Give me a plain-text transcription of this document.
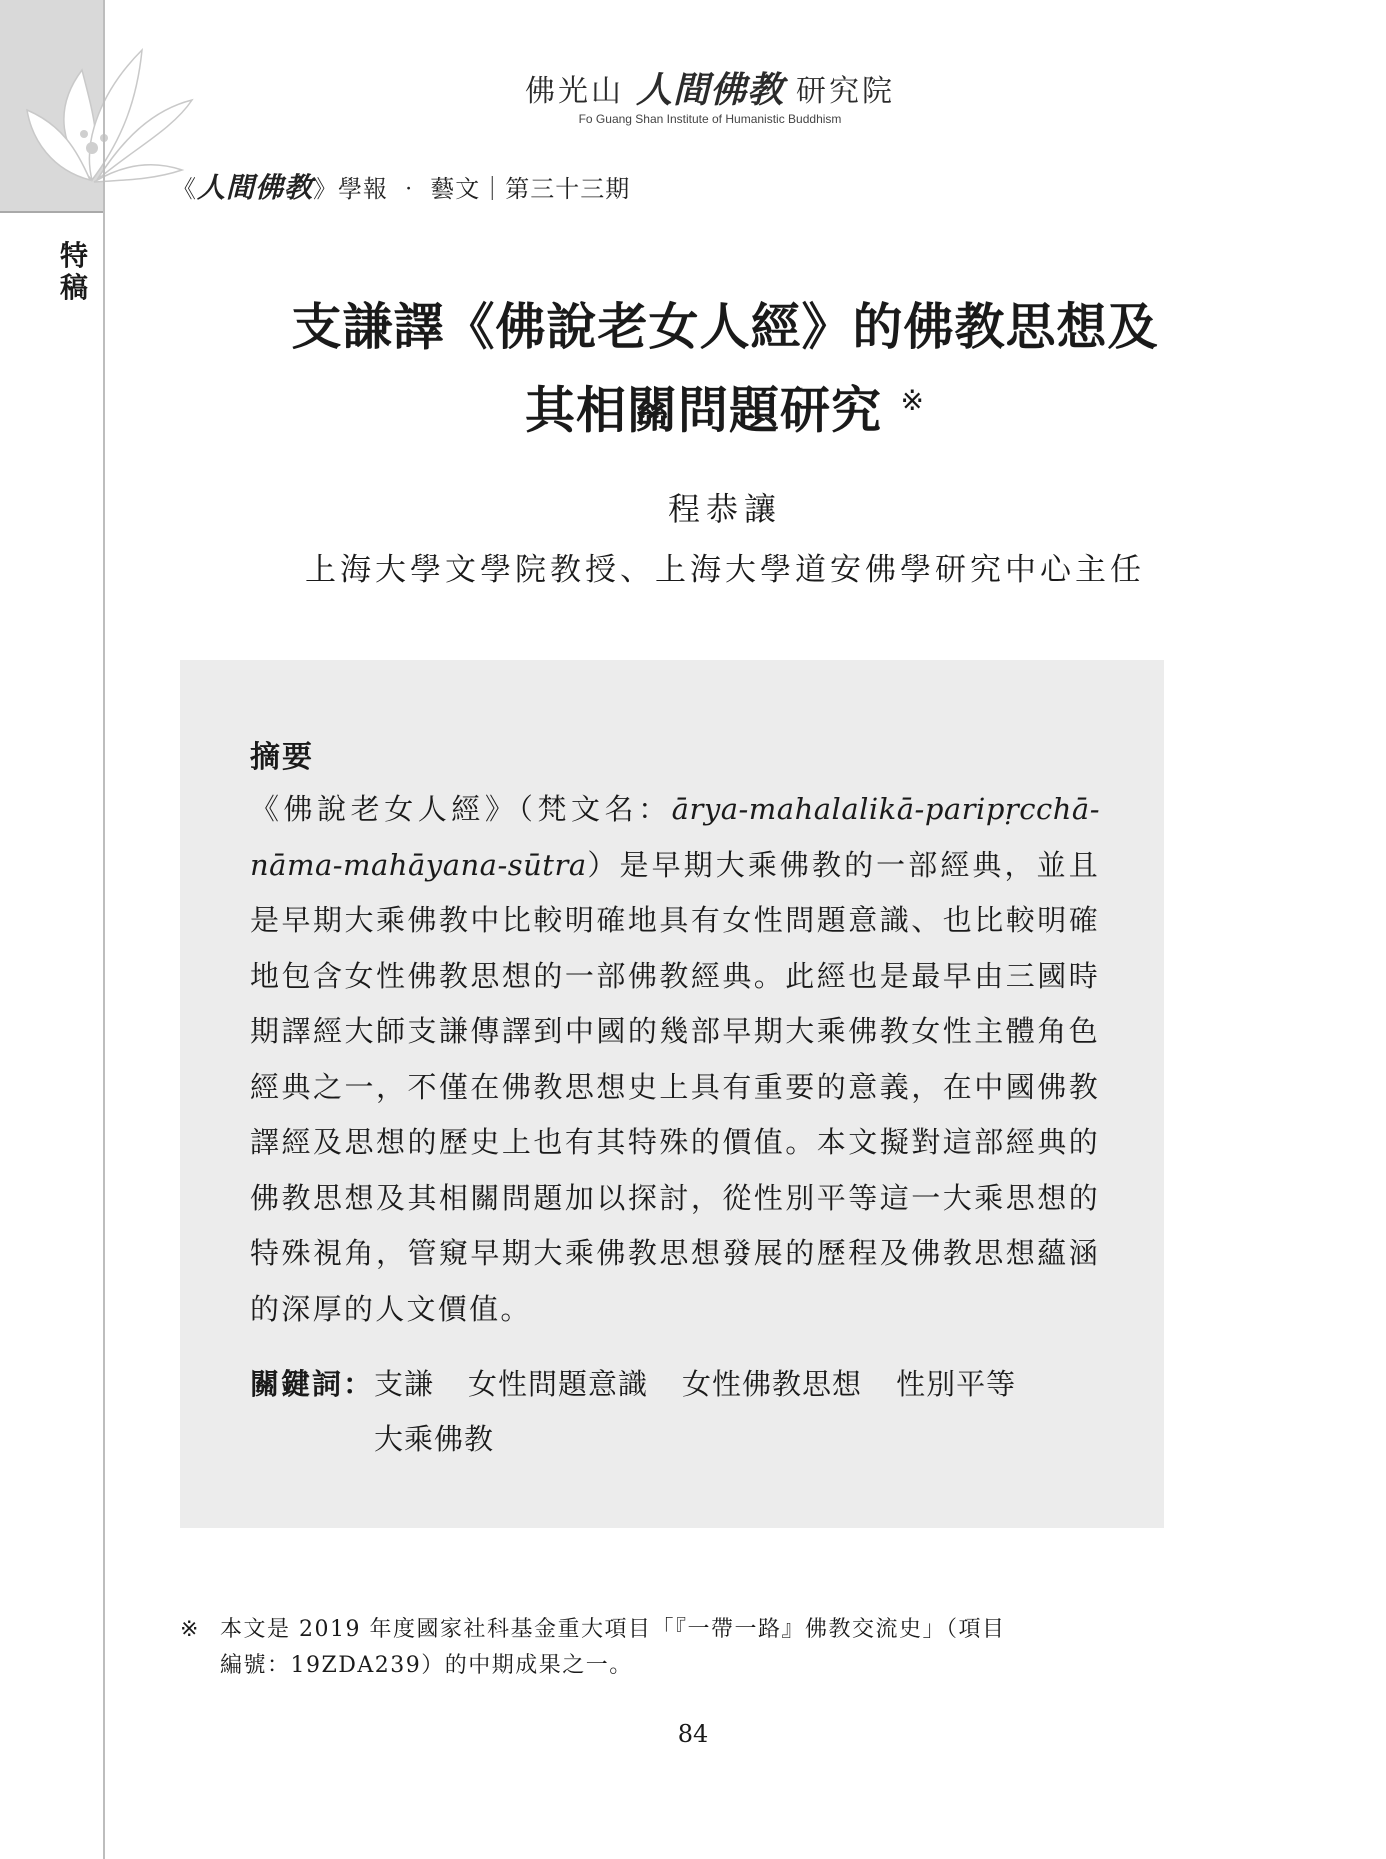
特稿
佛光山 人間佛教 研究院
Fo Guang Shan Institute of Humanistic Buddhism
《人間佛教》學報 ‧ 藝文｜第三十三期
支謙譯《佛說老女人經》的佛教思想及
其相關問題研究 ※
程恭讓
上海大學文學院教授、上海大學道安佛學研究中心主任
摘要
《佛說老女人經》（梵文名：ārya-mahalalikā-paripṛcchā-nāma-mahāyana-sūtra）是早期大乘佛教的一部經典，並且是早期大乘佛教中比較明確地具有女性問題意識、也比較明確地包含女性佛教思想的一部佛教經典。此經也是最早由三國時期譯經大師支謙傳譯到中國的幾部早期大乘佛教女性主體角色經典之一，不僅在佛教思想史上具有重要的意義，在中國佛教譯經及思想的歷史上也有其特殊的價值。本文擬對這部經典的佛教思想及其相關問題加以探討，從性別平等這一大乘思想的特殊視角，管窺早期大乘佛教思想發展的歷程及佛教思想蘊涵的深厚的人文價值。
關鍵詞： 支謙 女性問題意識 女性佛教思想 性別平等
大乘佛教
※ 本文是 2019 年度國家社科基金重大項目「『一帶一路』佛教交流史」（項目
編號：19ZDA239）的中期成果之一。
84
